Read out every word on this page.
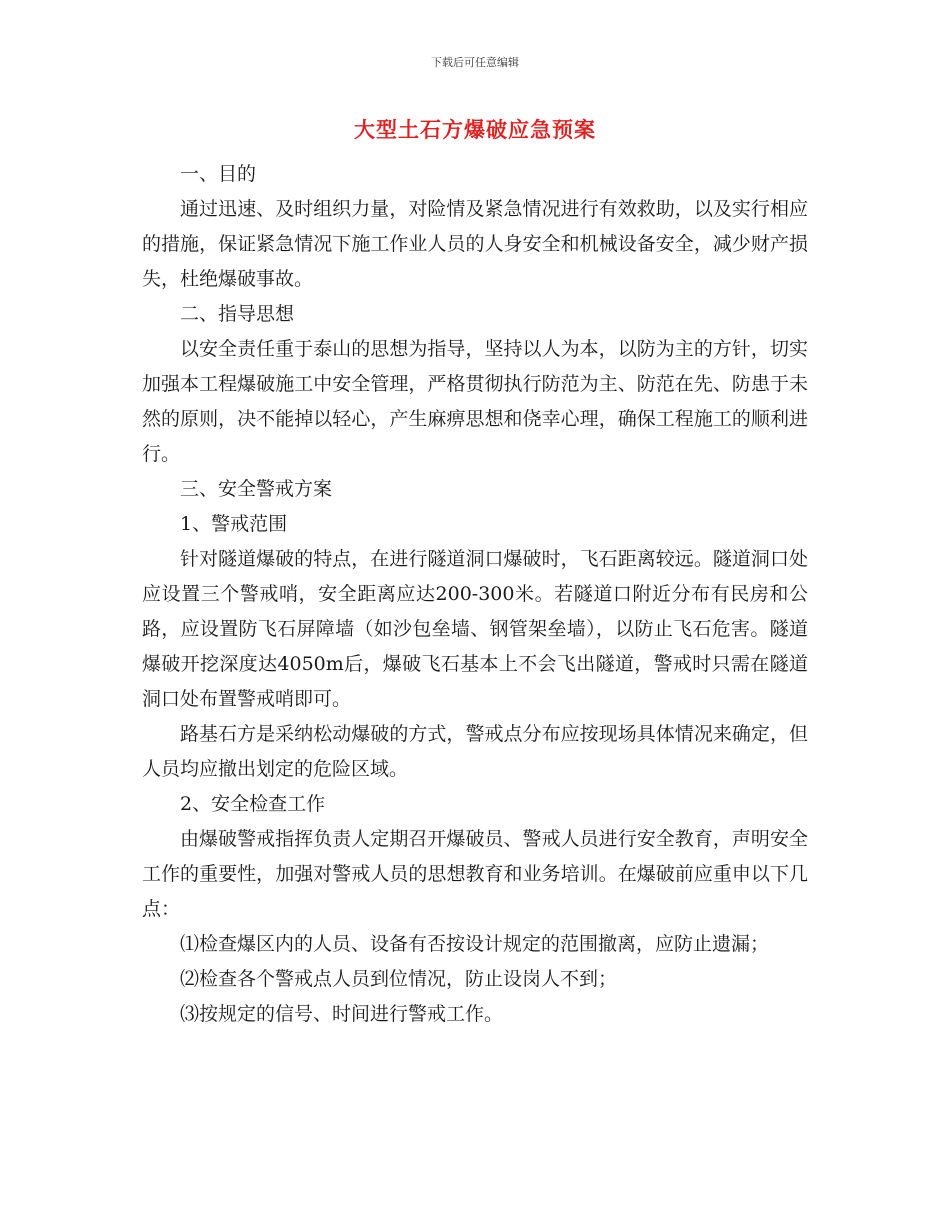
下载后可任意编辑
大型土石方爆破应急预案

一、目的

通过迅速、及时组织力量，对险情及紧急情况进行有效救助，以及实行相应的措施，保证紧急情况下施工作业人员的人身安全和机械设备安全，减少财产损失，杜绝爆破事故。

二、指导思想

以安全责任重于泰山的思想为指导，坚持以人为本，以防为主的方针，切实加强本工程爆破施工中安全管理，严格贯彻执行防范为主、防范在先、防患于未然的原则，决不能掉以轻心，产生麻痹思想和侥幸心理，确保工程施工的顺利进行。

三、安全警戒方案

1、警戒范围

针对隧道爆破的特点，在进行隧道洞口爆破时，飞石距离较远。隧道洞口处应设置三个警戒哨，安全距离应达200-300米。若隧道口附近分布有民房和公路，应设置防飞石屏障墙（如沙包垒墙、钢管架垒墙），以防止飞石危害。隧道爆破开挖深度达4050m后，爆破飞石基本上不会飞出隧道，警戒时只需在隧道洞口处布置警戒哨即可。

路基石方是采纳松动爆破的方式，警戒点分布应按现场具体情况来确定，但人员均应撤出划定的危险区域。

2、安全检查工作

由爆破警戒指挥负责人定期召开爆破员、警戒人员进行安全教育，声明安全工作的重要性，加强对警戒人员的思想教育和业务培训。在爆破前应重申以下几点：

⑴检查爆区内的人员、设备有否按设计规定的范围撤离，应防止遗漏；

⑵检查各个警戒点人员到位情况，防止设岗人不到；

⑶按规定的信号、时间进行警戒工作。
